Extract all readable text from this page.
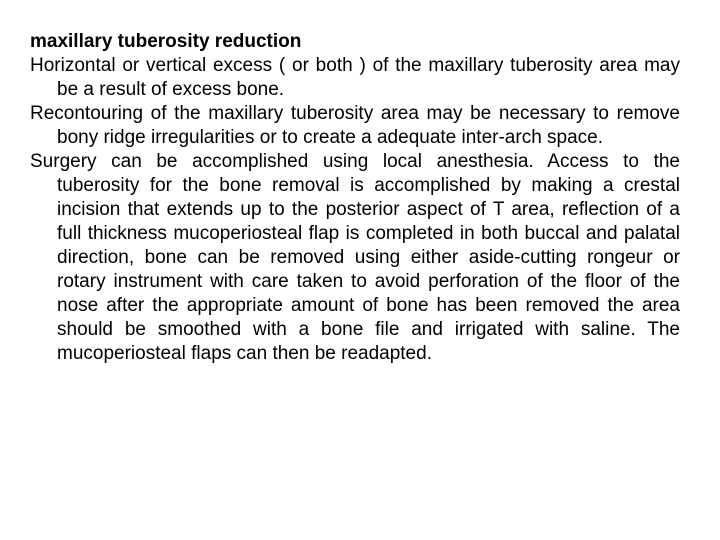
maxillary tuberosity reduction

Horizontal or vertical excess ( or both ) of the maxillary tuberosity area may be a result of excess bone.

Recontouring of the maxillary tuberosity area may be necessary to remove bony ridge irregularities or to create a adequate inter-arch space.

Surgery can be accomplished using local anesthesia. Access to the tuberosity for the bone removal is accomplished by making a crestal incision that extends up to the posterior aspect of T area, reflection of a full thickness mucoperiosteal flap is completed in both buccal and palatal direction, bone can be removed using either aside-cutting rongeur or rotary instrument with care taken to avoid perforation of the floor of the nose after the appropriate amount of bone has been removed the area should be smoothed with a bone file and irrigated with saline. The mucoperiosteal flaps can then be readapted.
